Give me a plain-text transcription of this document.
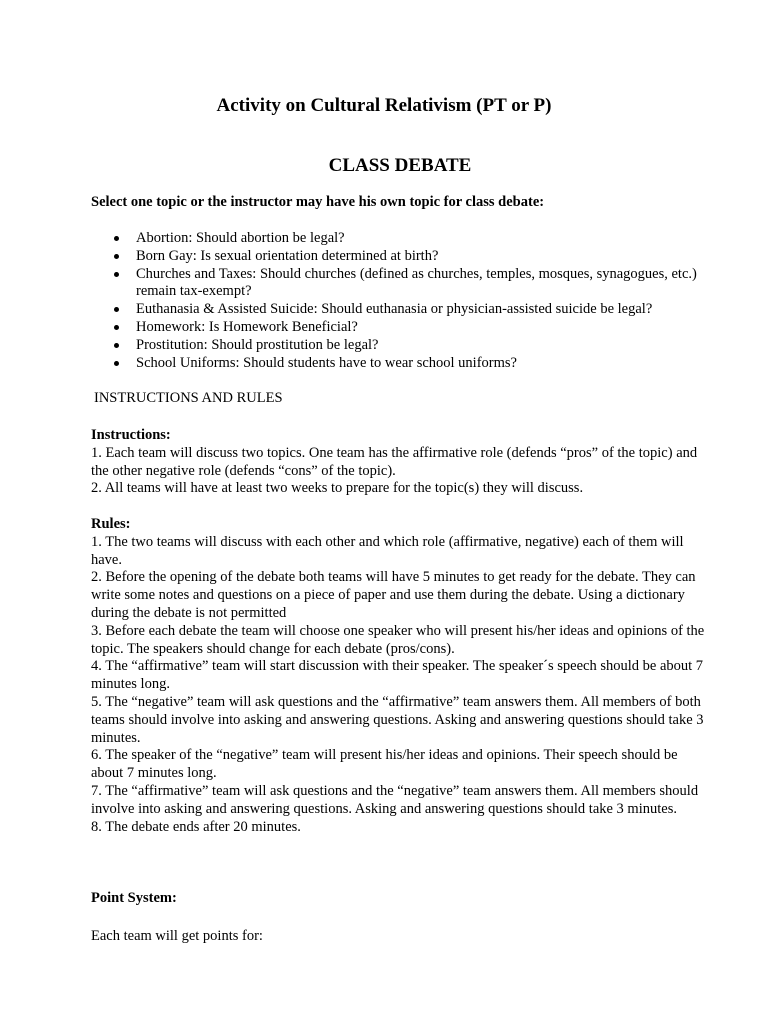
Activity on Cultural Relativism (PT or P)
CLASS DEBATE
Select one topic or the instructor may have his own topic for class debate:
Abortion: Should abortion be legal?
Born Gay: Is sexual orientation determined at birth?
Churches and Taxes: Should churches (defined as churches, temples, mosques, synagogues, etc.) remain tax-exempt?
Euthanasia & Assisted Suicide: Should euthanasia or physician-assisted suicide be legal?
Homework: Is Homework Beneficial?
Prostitution: Should prostitution be legal?
School Uniforms: Should students have to wear school uniforms?
INSTRUCTIONS AND RULES
Instructions:

1. Each team will discuss two topics. One team has the affirmative role (defends “pros” of the topic) and the other negative role (defends “cons” of the topic).

2. All teams will have at least two weeks to prepare for the topic(s) they will discuss.

Rules:

1. The two teams will discuss with each other and which role (affirmative, negative) each of them will have.

2. Before the opening of the debate both teams will have 5 minutes to get ready for the debate. They can write some notes and questions on a piece of paper and use them during the debate. Using a dictionary during the debate is not permitted

3. Before each debate the team will choose one speaker who will present his/her ideas and opinions of the topic. The speakers should change for each debate (pros/cons).

4. The “affirmative” team will start discussion with their speaker. The speaker´s speech should be about 7 minutes long.

5. The “negative” team will ask questions and the “affirmative” team answers them. All members of both teams should involve into asking and answering questions. Asking and answering questions should take 3 minutes.

6. The speaker of the “negative” team will present his/her ideas and opinions. Their speech should be about 7 minutes long.

7. The “affirmative” team will ask questions and the “negative” team answers them. All members should involve into asking and answering questions. Asking and answering questions should take 3 minutes.

8. The debate ends after 20 minutes.

Point System:
Each team will get points for:
